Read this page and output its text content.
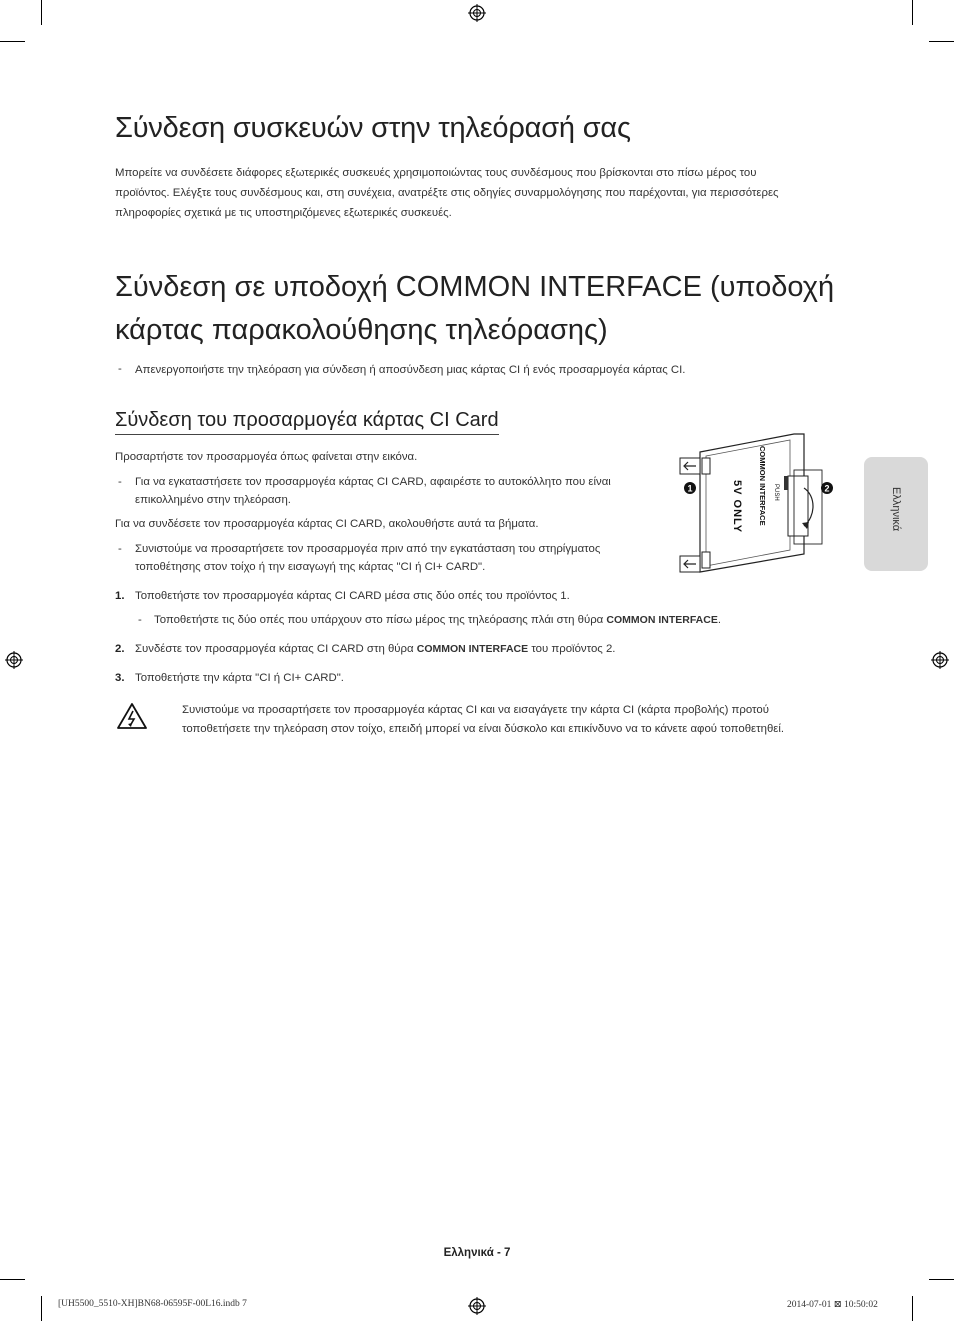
Σύνδεση συσκευών στην τηλεόρασή σας
Μπορείτε να συνδέσετε διάφορες εξωτερικές συσκευές χρησιμοποιώντας τους συνδέσμους που βρίσκονται στο πίσω μέρος του
προϊόντος. Ελέγξτε τους συνδέσμους και, στη συνέχεια, ανατρέξτε στις οδηγίες συναρμολόγησης που παρέχονται, για περισσότερες
πληροφορίες σχετικά με τις υποστηριζόμενες εξωτερικές συσκευές.
Σύνδεση σε υποδοχή COMMON INTERFACE (υποδοχή
κάρτας παρακολούθησης τηλεόρασης)
- Απενεργοποιήστε την τηλεόραση για σύνδεση ή αποσύνδεση μιας κάρτας CI ή ενός προσαρμογέα κάρτας CI.
Σύνδεση του προσαρμογέα κάρτας CI Card
Προσαρτήστε τον προσαρμογέα όπως φαίνεται στην εικόνα.
- Για να εγκαταστήσετε τον προσαρμογέα κάρτας CI CARD, αφαιρέστε το αυτοκόλλητο που είναι
επικολλημένο στην τηλεόραση.
Για να συνδέσετε τον προσαρμογέα κάρτας CI CARD, ακολουθήστε αυτά τα βήματα.
- Συνιστούμε να προσαρτήσετε τον προσαρμογέα πριν από την εγκατάσταση του στηρίγματος
τοποθέτησης στον τοίχο ή την εισαγωγή της κάρτας "CI ή CI+ CARD".
1. Τοποθετήστε τον προσαρμογέα κάρτας CI CARD μέσα στις δύο οπές του προϊόντος 1.
- Τοποθετήστε τις δύο οπές που υπάρχουν στο πίσω μέρος της τηλεόρασης πλάι στη θύρα COMMON INTERFACE.
2. Συνδέστε τον προσαρμογέα κάρτας CI CARD στη θύρα COMMON INTERFACE του προϊόντος 2.
3. Τοποθετήστε την κάρτα "CI ή CI+ CARD".
Συνιστούμε να προσαρτήσετε τον προσαρμογέα κάρτας CI και να εισαγάγετε την κάρτα CI (κάρτα προβολής) προτού
τοποθετήσετε την τηλεόραση στον τοίχο, επειδή μπορεί να είναι δύσκολο και επικίνδυνο να το κάνετε αφού τοποθετηθεί.
1	2
COMMON INTERFACE PUSH
5V ONLY	Ελληνικά
Ελληνικά - 7
[UH5500_5510-XH]BN68-06595F-00L16.indb 7	2014-07-01 ⊠ 10:50:02
